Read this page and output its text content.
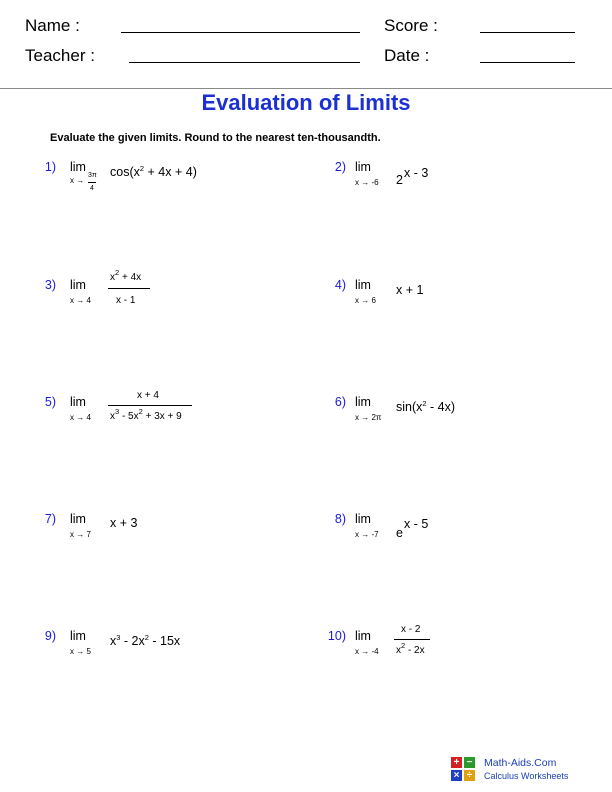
Name :	Score :
Teacher :	Date :
Evaluation of Limits
Evaluate the given limits. Round to the nearest ten-thousandth.
1) lim
x →
3π
4
$\cos(x^2 + 4x + 4)$	2) lim
x → -6 2 x - 3
3) lim
x → 4
$x^2 + 4x$
x - 1
4) lim
x → 6
x + 1
5) lim
x → 4
x + 4
$x^3 - 5x^2 + 3x + 9$
6) lim
x → 2π
$\sin(x^2 - 4x)$
7) lim
x → 7
x + 3	8) lim
x → -7 e
x - 5
9) lim
x → 5
$x^3 - 2x^2 - 15x$	10) lim
x → -4
x - 2
$x^2 - 2x$
+ −
× ÷
Math-Aids.Com
Calculus Worksheets
